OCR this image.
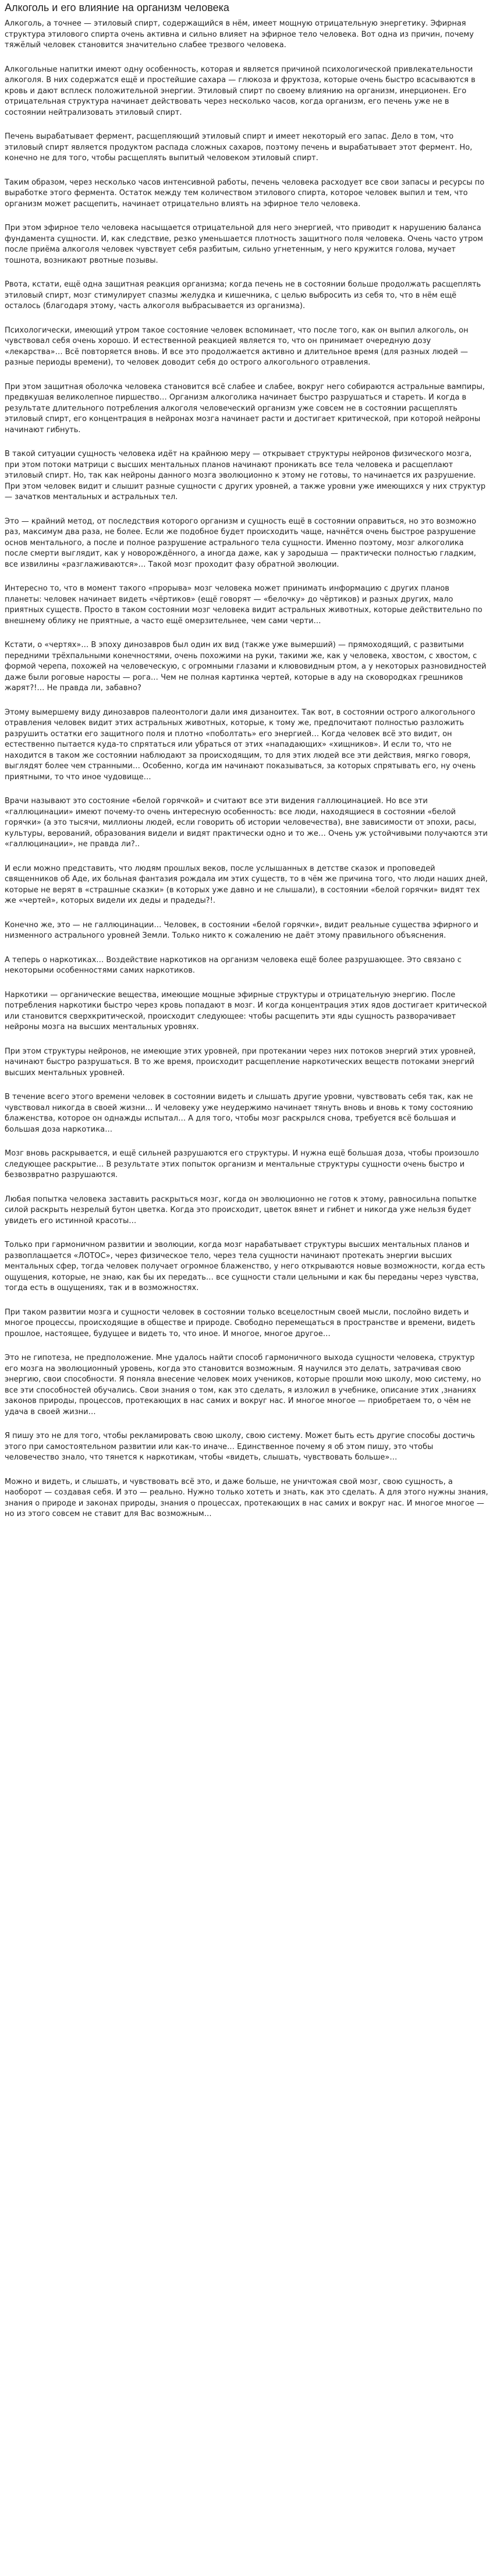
Алкоголь и его влияние на организм человека

Алкоголь, а точнее — этиловый спирт, содержащийся в нём, имеет мощную отрицательную энергетику. Эфирная структура этилового спирта очень активна и сильно влияет на эфирное тело человека. Вот одна из причин, почему тяжёлый человек становится значительно слабее трезвого человека.

Алкогольные напитки имеют одну особенность, которая и является причиной психологической привлекательности алкоголя. В них содержатся ещё и простейшие сахара — глюкоза и фруктоза, которые очень быстро всасываются в кровь и дают всплеск положительной энергии. Этиловый спирт по своему влиянию на организм, инерционен. Его отрицательная структура начинает действовать через несколько часов, когда организм, его печень уже не в состоянии нейтрализовать этиловый спирт.

Печень вырабатывает фермент, расщепляющий этиловый спирт и имеет некоторый его запас. Дело в том, что этиловый спирт является продуктом распада сложных сахаров, поэтому печень и вырабатывает этот фермент. Но, конечно не для того, чтобы расщеплять выпитый человеком этиловый спирт.

Таким образом, через несколько часов интенсивной работы, печень человека расходует все свои запасы и ресурсы по выработке этого фермента. Остаток между тем количеством этилового спирта, которое человек выпил и тем, что организм может расщепить, начинает отрицательно влиять на эфирное тело человека.

При этом эфирное тело человека насыщается отрицательной для него энергией, что приводит к нарушению баланса фундамента сущности. И, как следствие, резко уменьшается плотность защитного поля человека. Очень часто утром после приёма алкоголя человек чувствует себя разбитым, сильно угнетенным, у него кружится голова, мучает тошнота, возникают рвотные позывы.

Рвота, кстати, ещё одна защитная реакция организма; когда печень не в состоянии больше продолжать расщеплять этиловый спирт, мозг стимулирует спазмы желудка и кишечника, с целью выбросить из себя то, что в нём ещё осталось (благодаря этому, часть алкоголя выбрасывается из организма).

Психологически, имеющий утром такое состояние человек вспоминает, что после того, как он выпил алкоголь, он чувствовал себя очень хорошо. И естественной реакцией является то, что он принимает очередную дозу «лекарства»… Всё повторяется вновь. И все это продолжается активно и длительное время (для разных людей — разные периоды времени), то человек доводит себя до острого алкогольного отравления.

При этом защитная оболочка человека становится всё слабее и слабее, вокруг него собираются астральные вампиры, предвкушая великолепное пиршество… Организм алкоголика начинает быстро разрушаться и стареть. И когда в результате длительного потребления алкоголя человеческий организм уже совсем не в состоянии расщеплять этиловый спирт, его концентрация в нейронах мозга начинает расти и достигает критической, при которой нейроны начинают гибнуть.

В такой ситуации сущность человека идёт на крайнюю меру — открывает структуры нейронов физического мозга, при этом потоки матрици с высших ментальных планов начинают проникать все тела человека и расщеплают этиловый спирт. Но, так как нейроны данного мозга эволюционно к этому не готовы, то начинается их разрушение. При этом человек видит и слышит разные сущности с других уровней, а также уровни уже имеющихся у них структур — зачатков ментальных и астральных тел.

Это — крайний метод, от последствия которого организм и сущность ещё в состоянии оправиться, но это возможно раз, максимум два раза, не более. Если же подобное будет происходить чаще, начнётся очень быстрое разрушение основ ментального, а после и полное разрушение астрального тела сущности. Именно поэтому, мозг алкоголика после смерти выглядит, как у новорождённого, а иногда даже, как у зародыша — практически полностью гладким, все извилины «разглаживаются»… Такой мозг проходит фазу обратной эволюции.

Интересно то, что в момент такого «прорыва» мозг человека может принимать информацию с других планов планеты: человек начинает видеть «чёртиков» (ещё говорят — «белочку» до чёртиков) и разных других, мало приятных существ. Просто в таком состоянии мозг человека видит астральных животных, которые действительно по внешнему облику не приятные, а часто ещё омерзительнее, чем сами черти…

Кстати, о «чертях»… В эпоху динозавров был один их вид (также уже вымерший) — прямоходящий, с развитыми передними трёхпальными конечностями, очень похожими на руки, такими же, как у человека, хвостом, с хвостом, с формой черепа, похожей на человеческую, с огромными глазами и клювовидным ртом, а у некоторых разновидностей даже были роговые наросты — рога… Чем не полная картинка чертей, которые в аду на сковородках грешников жарят?!… Не правда ли, забавно?

Этому вымершему виду динозавров палеонтологи дали имя дизаноитех. Так вот, в состоянии острого алкогольного отравления человек видит этих астральных животных, которые, к тому же, предпочитают полностью разложить разрушить остатки его защитного поля и плотно «поболтать» его энергией… Когда человек всё это видит, он естественно пытается куда-то спрятаться или убраться от этих «нападающих» «хищников». И если то, что не находится в таком же состоянии наблюдают за происходящим, то для этих людей все эти действия, мягко говоря, выглядят более чем странными… Особенно, когда им начинают показываться, за которых спрятывать его, ну очень приятными, то что иное чудовище…

Врачи называют это состояние «белой горячкой» и считают все эти видения галлюцинацией. Но все эти «галлюцинации» имеют почему-то очень интересную особенность: все люди, находящиеся в состоянии «белой горячки» (а это тысячи, миллионы людей, если говорить об истории человечества), вне зависимости от эпохи, расы, культуры, верований, образования видели и видят практически одно и то же… Очень уж устойчивыми получаются эти «галлюцинации», не правда ли?..

И если можно представить, что людям прошлых веков, после услышанных в детстве сказок и проповедей священников об Аде, их больная фантазия рождала им этих существ, то в чём же причина того, что люди наших дней, которые не верят в «страшные сказки» (в которых уже давно и не слышали), в состоянии «белой горячки» видят тех же «чертей», которых видели их деды и прадеды?!.

Конечно же, это — не галлюцинации… Человек, в состоянии «белой горячки», видит реальные существа эфирного и низменного астрального уровней Земли. Только никто к сожалению не даёт этому правильного объяснения.

А теперь о наркотиках… Воздействие наркотиков на организм человека ещё более разрушающее. Это связано с некоторыми особенностями самих наркотиков.

Наркотики — органические вещества, имеющие мощные эфирные структуры и отрицательную энергию. После потребления наркотики быстро через кровь попадают в мозг. И когда концентрация этих ядов достигает критической или становится сверхкритической, происходит следующее: чтобы расщепить эти яды сущность разворачивает нейроны мозга на высших ментальных уровнях.

При этом структуры нейронов, не имеющие этих уровней, при протекании через них потоков энергий этих уровней, начинают быстро разрушаться. В то же время, происходит расщепление наркотических веществ потоками энергий высших ментальных уровней.

В течение всего этого времени человек в состоянии видеть и слышать другие уровни, чувствовать себя так, как не чувствовал никогда в своей жизни… И человеку уже неудержимо начинает тянуть вновь и вновь к тому состоянию блаженства, которое он однажды испытал… А для того, чтобы мозг раскрылся снова, требуется всё большая и большая доза наркотика…

Мозг вновь раскрывается, и ещё сильней разрушаются его структуры. И нужна ещё большая доза, чтобы произошло следующее раскрытие… В результате этих попыток организм и ментальные структуры сущности очень быстро и безвозвратно разрушаются.

Любая попытка человека заставить раскрыться мозг, когда он эволюционно не готов к этому, равносильна попытке силой раскрыть незрелый бутон цветка. Когда это происходит, цветок вянет и гибнет и никогда уже нельзя будет увидеть его истинной красоты…

Только при гармоничном развитии и эволюции, когда мозг нарабатывает структуры высших ментальных планов и развоплащается «ЛОТОС», через физическое тело, через тела сущности начинают протекать энергии высших ментальных сфер, тогда человек получает огромное блаженство, у него открываются новые возможности, когда есть ощущения, которые, не знаю, как бы их передать… все сущности стали цельными и как бы переданы через чувства, тогда есть в ощущениях, так и в возможностях.

При таком развитии мозга и сущности человек в состоянии только всецелостным своей мысли, послойно видеть и многое процессы, происходящие в обществе и природе. Свободно перемещаться в пространстве и времени, видеть прошлое, настоящее, будущее и видеть то, что иное. И многое, многое другое…

Это не гипотеза, не предположение. Мне удалось найти способ гармоничного выхода сущности человека, структур его мозга на эволюционный уровень, когда это становится возможным. Я научился это делать, затрачивая свою энергию, свои способности. Я поняла внесение человек моих учеников, которые прошли мою школу, мою систему, но все эти способностей обучались. Свои знания о том, как это сделать, я изложил в учебнике, описание этих ,знаниях законов природы, процессов, протекающих в нас самих и вокруг нас. И многое многое — приобретаем то, о чём не удача в своей жизни…

Я пишу это не для того, чтобы рекламировать свою школу, свою систему. Может быть есть другие способы достичь этого при самостоятельном развитии или как-то иначе… Единственное почему я об этом пишу, это чтобы человечество знало, что тянется к наркотикам, чтобы «видеть, слышать, чувствовать больше»…

Можно и видеть, и слышать, и чувствовать всё это, и даже больше, не уничтожая свой мозг, свою сущность, а наоборот — создавая себя. И это — реально. Нужно только хотеть и знать, как это сделать. А для этого нужны знания, знания о природе и законах природы, знания о процессах, протекающих в нас самих и вокруг нас. И многое многое — но из этого совсем не ставит для Вас возможным…
